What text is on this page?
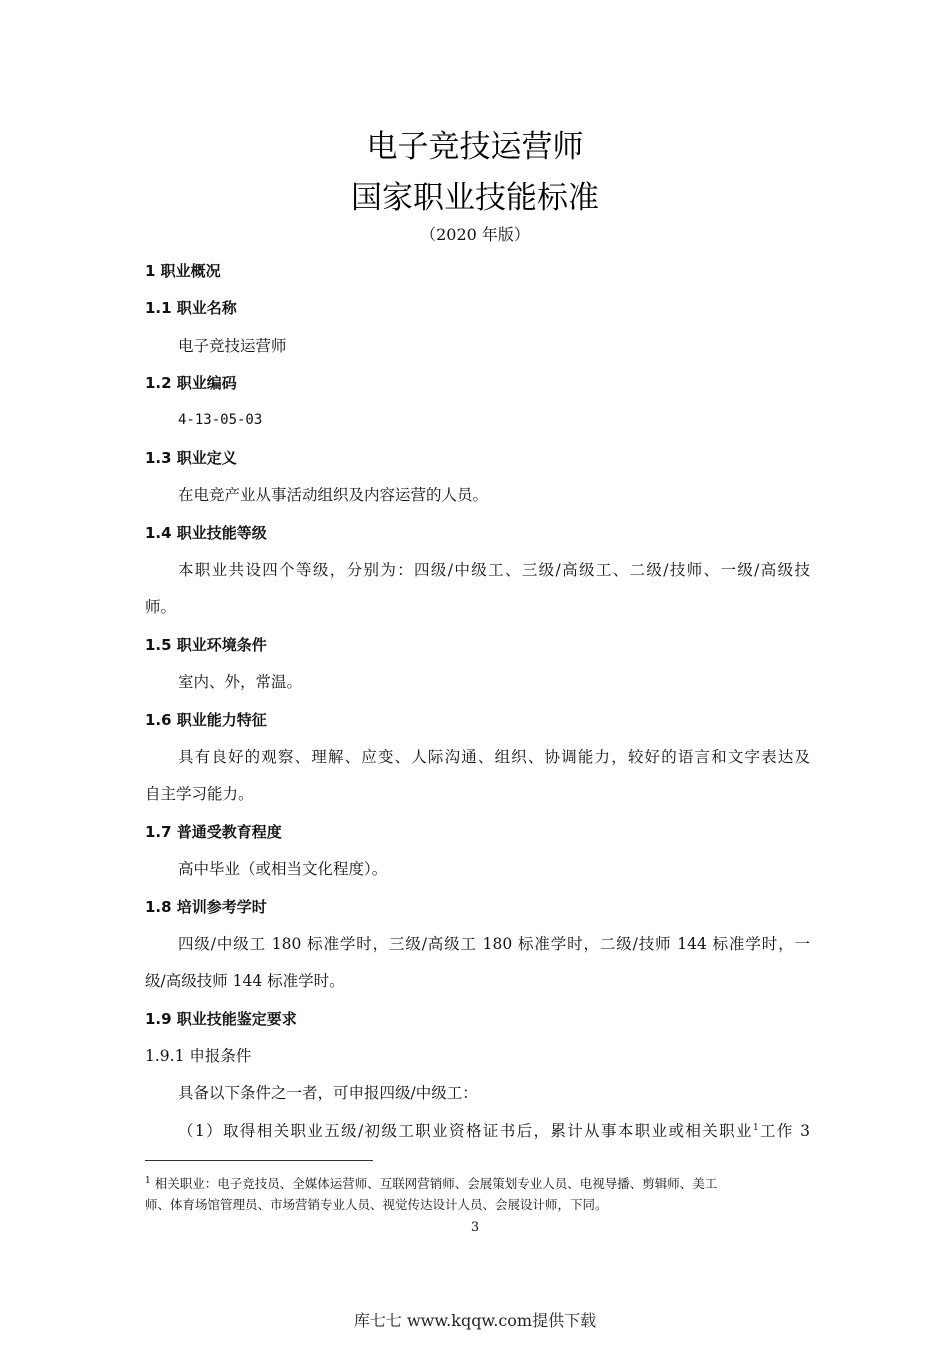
电子竞技运营师
国家职业技能标准
（2020 年版）
1 职业概况
1.1 职业名称
电子竞技运营师
1.2 职业编码
4-13-05-03
1.3 职业定义
在电竞产业从事活动组织及内容运营的人员。
1.4 职业技能等级
本职业共设四个等级，分别为：四级/中级工、三级/高级工、二级/技师、一级/高级技
师。
1.5 职业环境条件
室内、外，常温。
1.6 职业能力特征
具有良好的观察、理解、应变、人际沟通、组织、协调能力，较好的语言和文字表达及
自主学习能力。
1.7 普通受教育程度
高中毕业（或相当文化程度）。
1.8 培训参考学时
四级/中级工 180 标准学时，三级/高级工 180 标准学时，二级/技师 144 标准学时，一
级/高级技师 144 标准学时。
1.9 职业技能鉴定要求
1.9.1 申报条件
具备以下条件之一者，可申报四级/中级工：
（1）取得相关职业五级/初级工职业资格证书后，累计从事本职业或相关职业$^1$工作 3
$^1$ 相关职业：电子竞技员、全媒体运营师、互联网营销师、会展策划专业人员、电视导播、剪辑师、美工
师、体育场馆管理员、市场营销专业人员、视觉传达设计人员、会展设计师，下同。
3
库七七 www.kqqw.com提供下载
